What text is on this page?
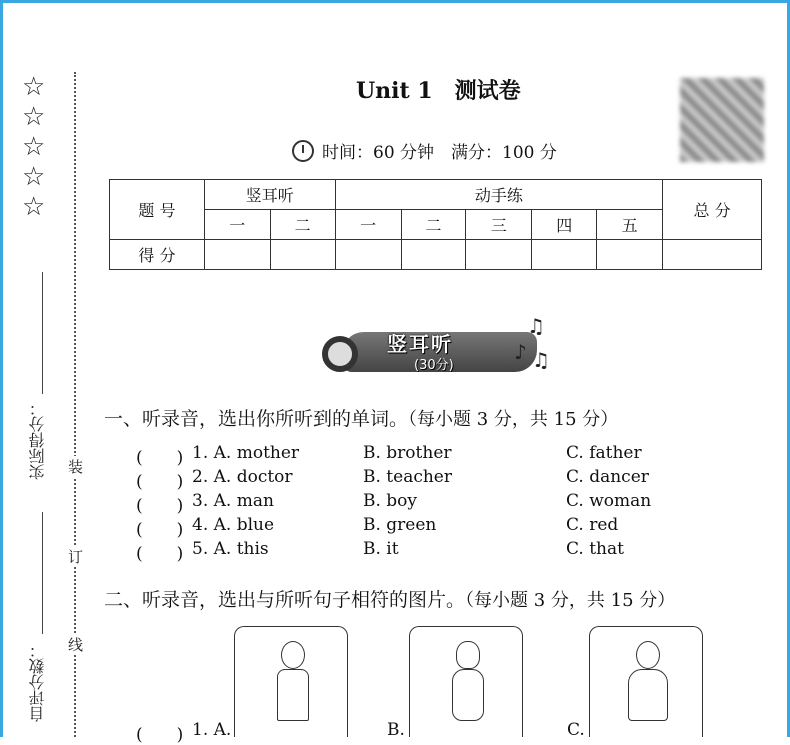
☆
☆
☆
☆
☆
实际得分：
自评分数：
装
订
线
Unit 1　测试卷
时间：60 分钟　满分：100 分
题 号	竖耳听		动手练					总 分
	一	二	一	二	三	四	五	
得 分								
竖耳听
(30分)
♫
♪ ♫
一、听录音，选出你所听到的单词。（每小题 3 分，共 15 分）
(　　) 1. A. mother	B. brother	C. father
(　　) 2. A. doctor	B. teacher	C. dancer
(　　) 3. A. man	B. boy	C. woman
(　　) 4. A. blue	B. green	C. red
(　　) 5. A. this	B. it	C. that
二、听录音，选出与所听句子相符的图片。（每小题 3 分，共 15 分）
(　　) 1. A.	B.	C.
